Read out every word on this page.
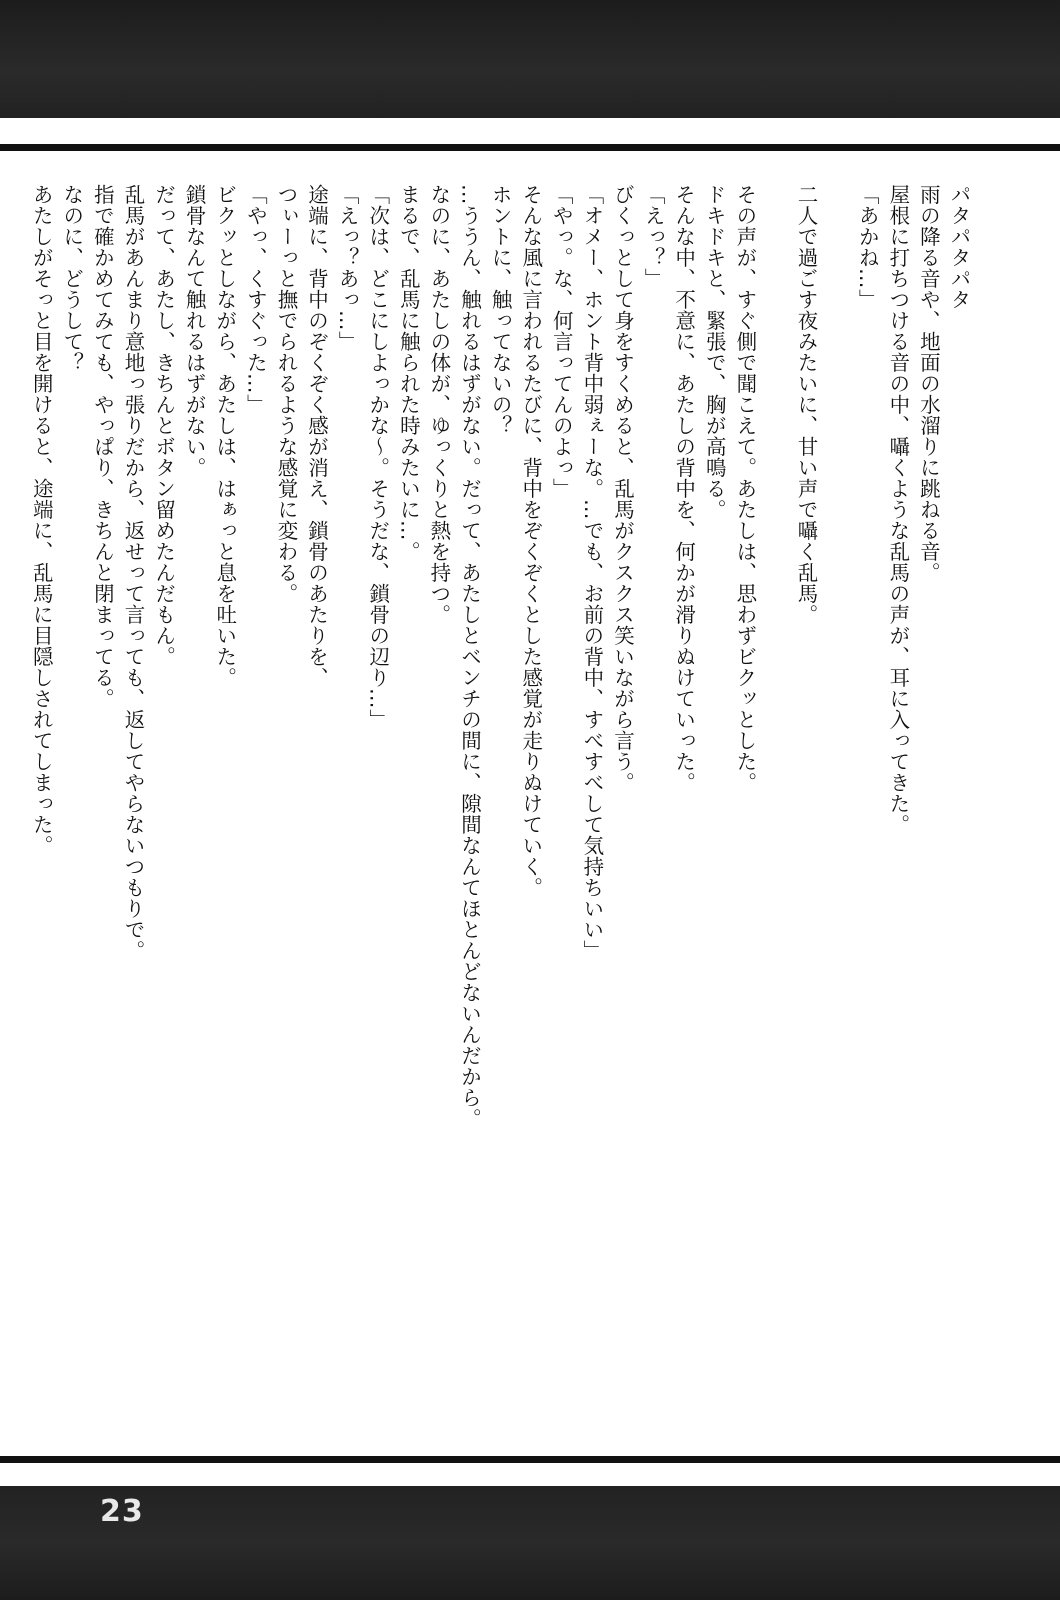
パタパタパタ

雨の降る音や、地面の水溜りに跳ねる音。

屋根に打ちつける音の中、囁くような乱馬の声が、耳に入ってきた。

「あかね…」

二人で過ごす夜みたいに、甘い声で囁く乱馬。

その声が、すぐ側で聞こえて。あたしは、思わずビクッとした。

ドキドキと、緊張で、胸が高鳴る。

そんな中、不意に、あたしの背中を、何かが滑りぬけていった。

「えっ？」

びくっとして身をすくめると、乱馬がクスクス笑いながら言う。

「オメー、ホント背中弱ぇーな。…でも、お前の背中、すべすべして気持ちいい」

「やっ。な、何言ってんのよっ」

そんな風に言われるたびに、背中をぞくぞくとした感覚が走りぬけていく。

ホントに、触ってないの？

…ううん、触れるはずがない。だって、あたしとベンチの間に、隙間なんてほとんどないんだから。

なのに、あたしの体が、ゆっくりと熱を持つ。

まるで、乱馬に触られた時みたいに…。

「次は、どこにしよっかな～。そうだな、鎖骨の辺り…」

「えっ？あっ…」

途端に、背中のぞくぞく感が消え、鎖骨のあたりを、

つぃーっと撫でられるような感覚に変わる。

「やっ、くすぐった…」

ビクッとしながら、あたしは、はぁっと息を吐いた。

鎖骨なんて触れるはずがない。

だって、あたし、きちんとボタン留めたんだもん。

乱馬があんまり意地っ張りだから、返せって言っても、返してやらないつもりで。

指で確かめてみても、やっぱり、きちんと閉まってる。

なのに、どうして？

あたしがそっと目を開けると、途端に、乱馬に目隠しされてしまった。

23
